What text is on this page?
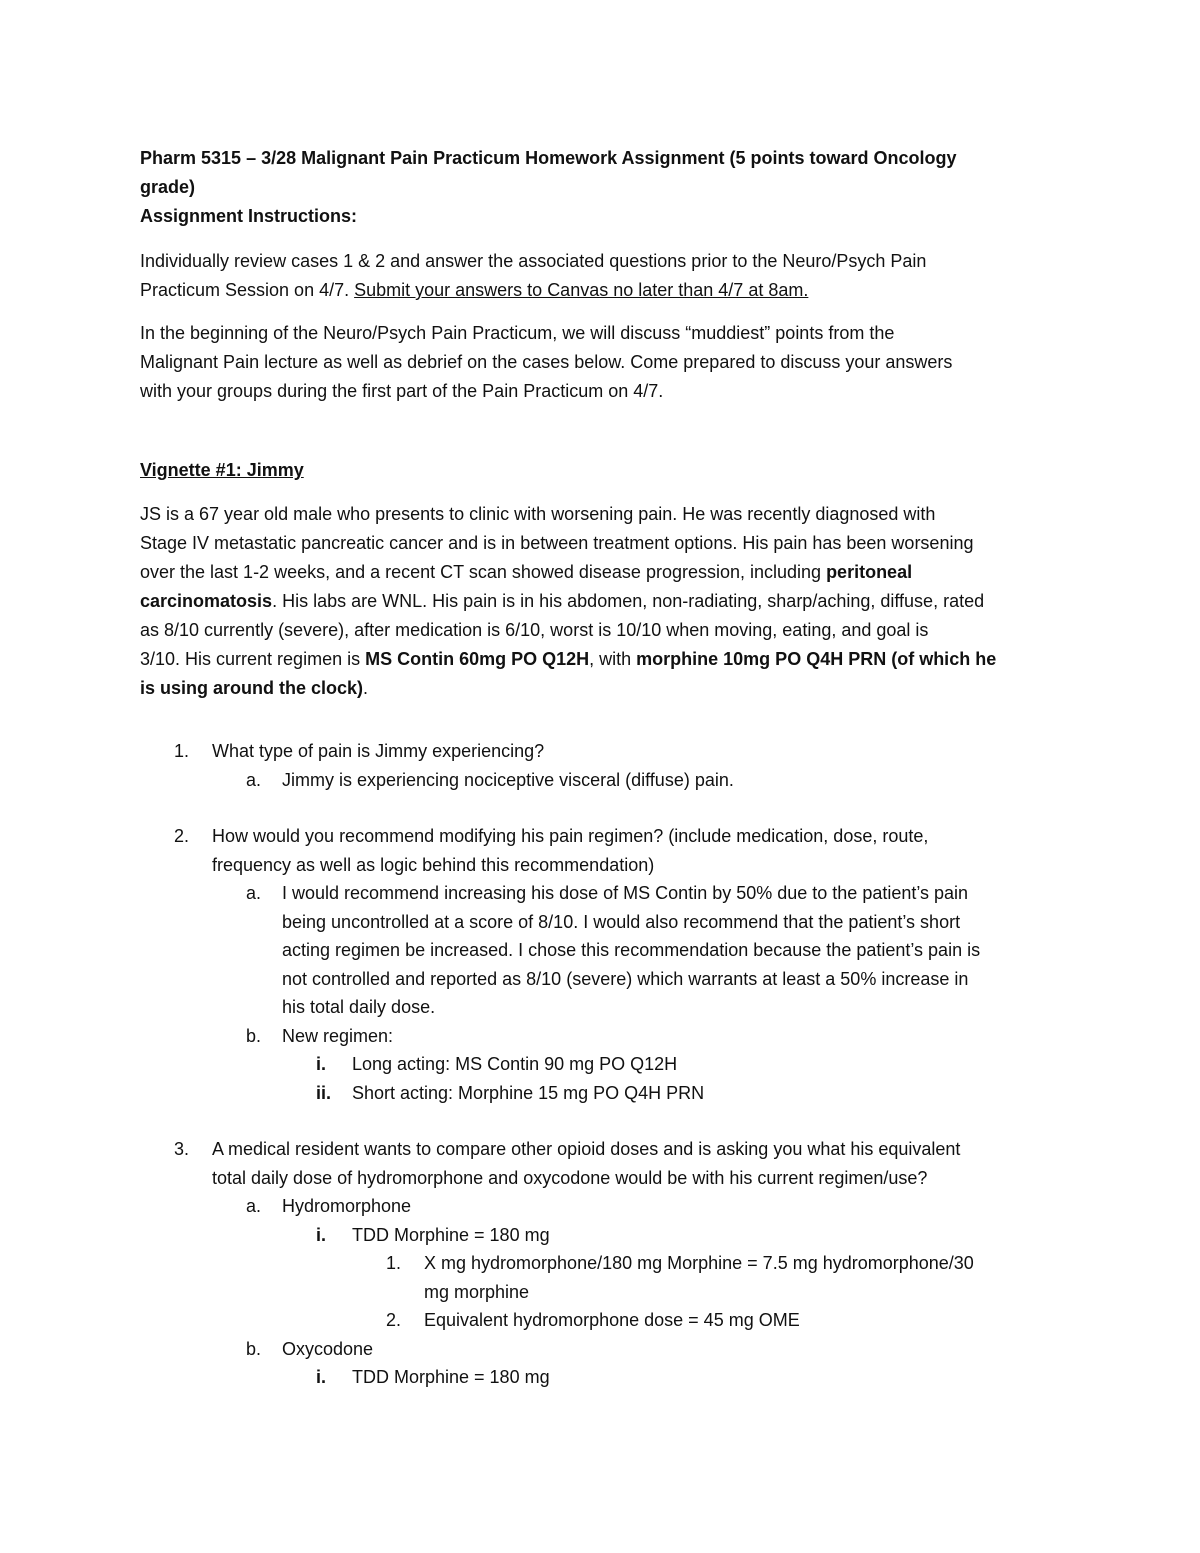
Pharm 5315 – 3/28 Malignant Pain Practicum Homework Assignment (5 points toward Oncology
grade)

Assignment Instructions:

Individually review cases 1 & 2 and answer the associated questions prior to the Neuro/Psych Pain
Practicum Session on 4/7. Submit your answers to Canvas no later than 4/7 at 8am.

In the beginning of the Neuro/Psych Pain Practicum, we will discuss “muddiest” points from the
Malignant Pain lecture as well as debrief on the cases below. Come prepared to discuss your answers
with your groups during the first part of the Pain Practicum on 4/7.

Vignette #1: Jimmy

JS is a 67 year old male who presents to clinic with worsening pain. He was recently diagnosed with
Stage IV metastatic pancreatic cancer and is in between treatment options. His pain has been worsening
over the last 1-2 weeks, and a recent CT scan showed disease progression, including peritoneal
carcinomatosis. His labs are WNL. His pain is in his abdomen, non-radiating, sharp/aching, diffuse, rated
as 8/10 currently (severe), after medication is 6/10, worst is 10/10 when moving, eating, and goal is
3/10. His current regimen is MS Contin 60mg PO Q12H, with morphine 10mg PO Q4H PRN (of which he
is using around the clock).

1.	What type of pain is Jimmy experiencing?
a.	Jimmy is experiencing nociceptive visceral (diffuse) pain.
2.	How would you recommend modifying his pain regimen? (include medication, dose, route,
frequency as well as logic behind this recommendation)
a.	I would recommend increasing his dose of MS Contin by 50% due to the patient’s pain
being uncontrolled at a score of 8/10. I would also recommend that the patient’s short
acting regimen be increased. I chose this recommendation because the patient’s pain is
not controlled and reported as 8/10 (severe) which warrants at least a 50% increase in
his total daily dose.
b.	New regimen:
i.	Long acting: MS Contin 90 mg PO Q12H
ii.	Short acting: Morphine 15 mg PO Q4H PRN
3.	A medical resident wants to compare other opioid doses and is asking you what his equivalent
total daily dose of hydromorphone and oxycodone would be with his current regimen/use?
a.	Hydromorphone
i.	TDD Morphine = 180 mg
1.	X mg hydromorphone/180 mg Morphine = 7.5 mg hydromorphone/30
mg morphine
2.	Equivalent hydromorphone dose = 45 mg OME
b.	Oxycodone
i.	TDD Morphine = 180 mg
